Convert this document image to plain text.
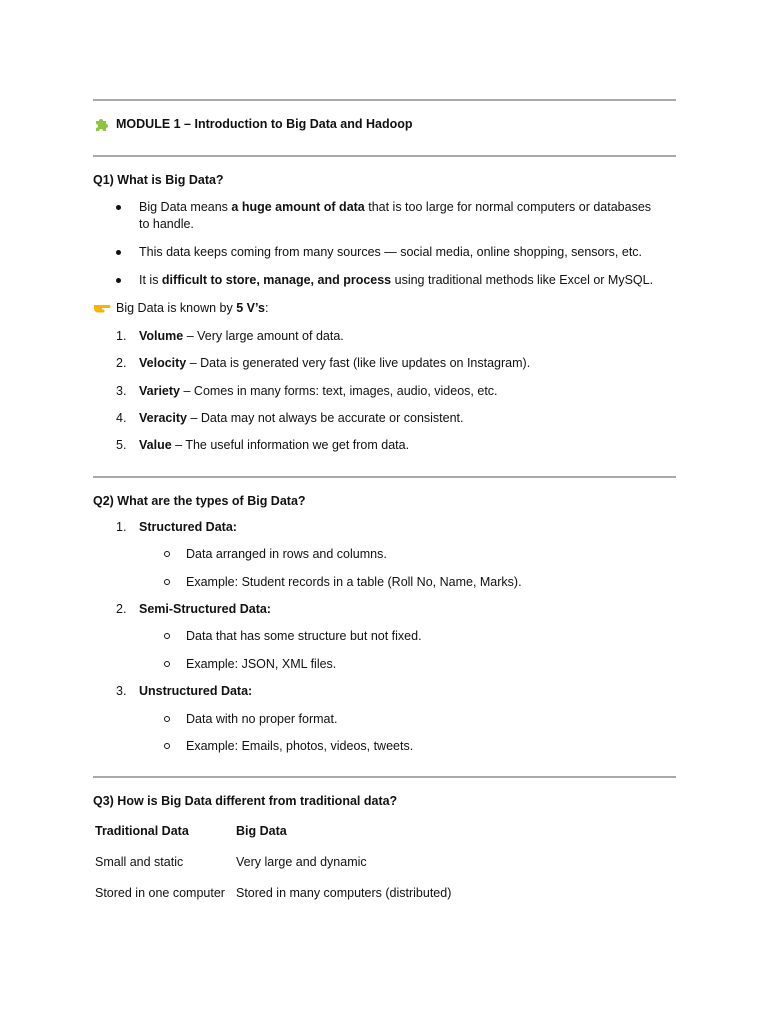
MODULE 1 – Introduction to Big Data and Hadoop
Q1) What is Big Data?
Big Data means a huge amount of data that is too large for normal computers or databases
to handle.
This data keeps coming from many sources — social media, online shopping, sensors, etc.
It is difficult to store, manage, and process using traditional methods like Excel or MySQL.
Big Data is known by 5 V’s:
1. Volume – Very large amount of data.
2. Velocity – Data is generated very fast (like live updates on Instagram).
3. Variety – Comes in many forms: text, images, audio, videos, etc.
4. Veracity – Data may not always be accurate or consistent.
5. Value – The useful information we get from data.
Q2) What are the types of Big Data?
1. Structured Data:
Data arranged in rows and columns.
Example: Student records in a table (Roll No, Name, Marks).
2. Semi-Structured Data:
Data that has some structure but not fixed.
Example: JSON, XML files.
3. Unstructured Data:
Data with no proper format.
Example: Emails, photos, videos, tweets.
Q3) How is Big Data different from traditional data?
Traditional Data	Big Data
Small and static	Very large and dynamic
Stored in one computer Stored in many computers (distributed)
